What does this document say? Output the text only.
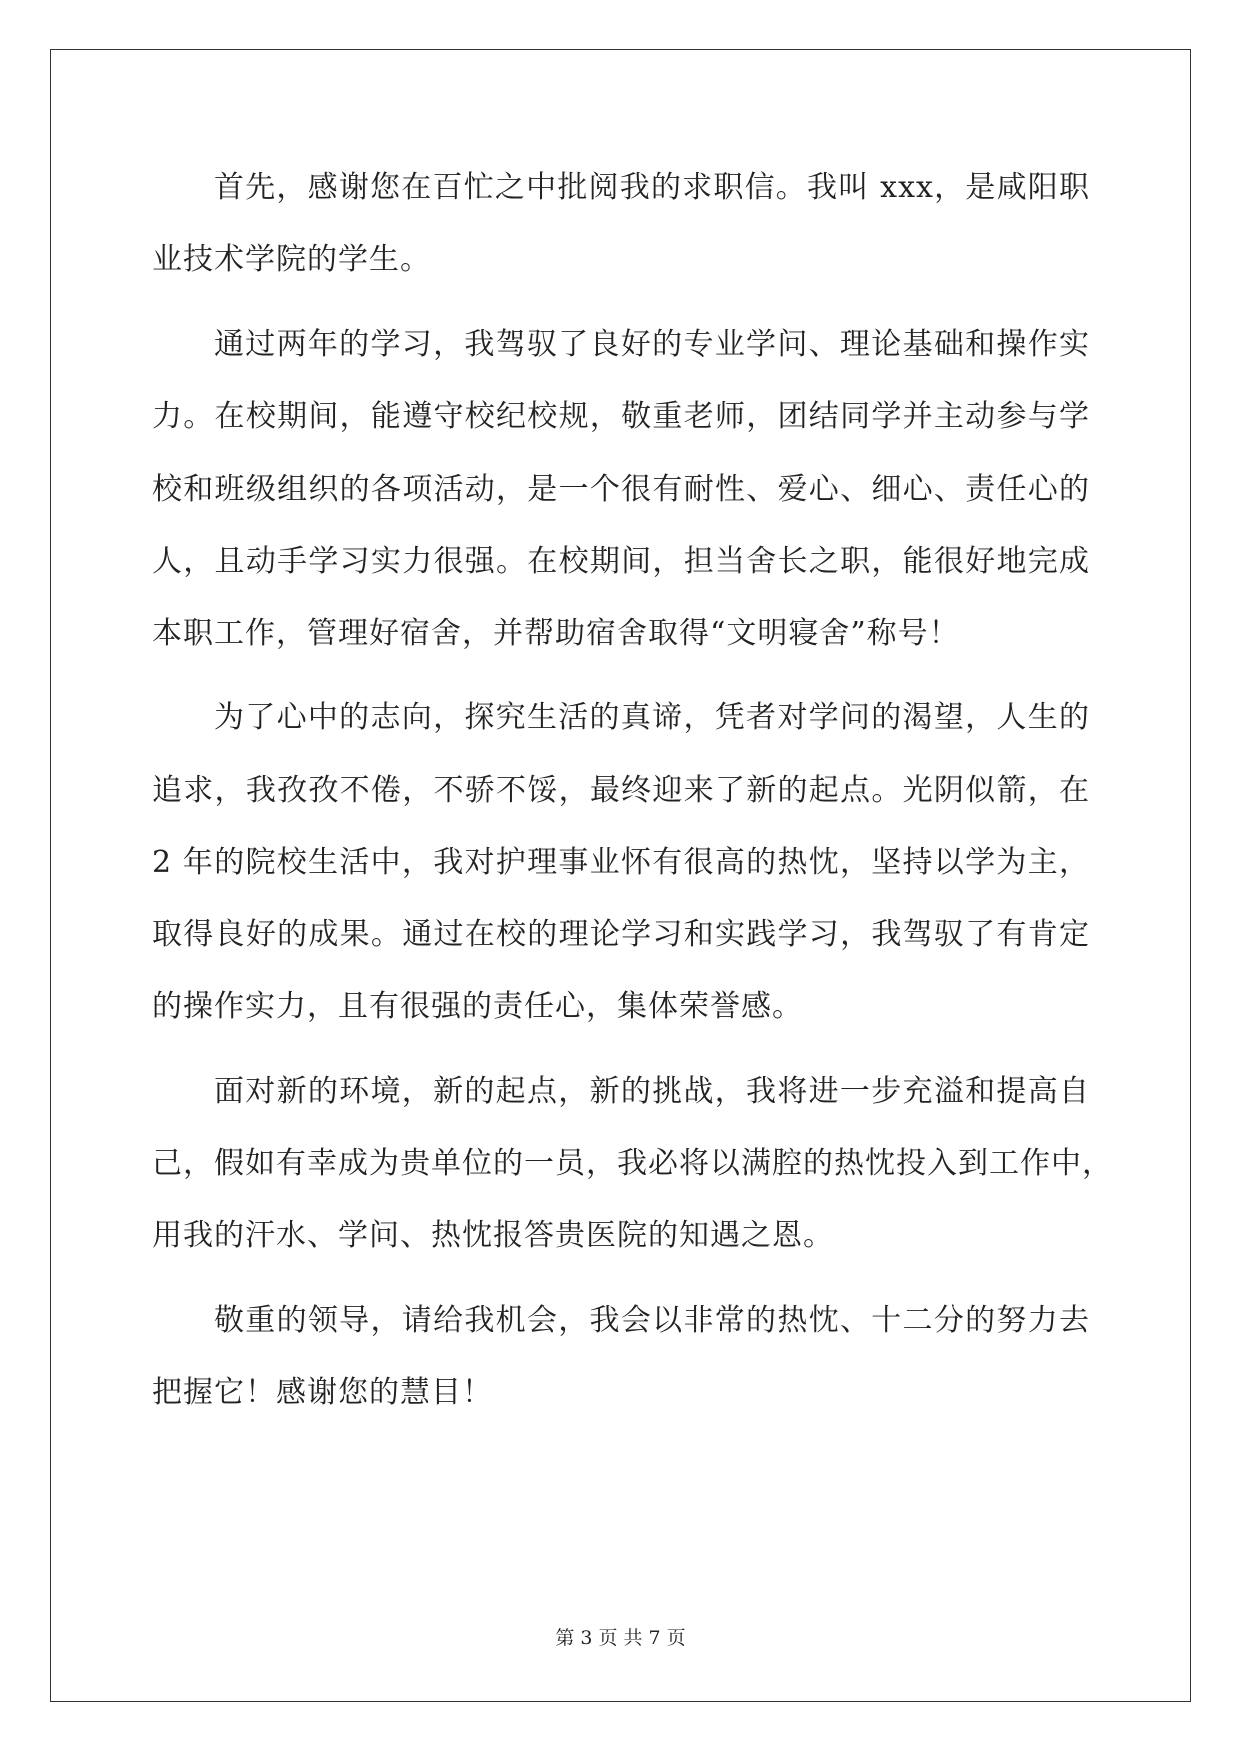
首先，感谢您在百忙之中批阅我的求职信。我叫 xxx，是咸阳职
业技术学院的学生。
通过两年的学习，我驾驭了良好的专业学问、理论基础和操作实
力。在校期间，能遵守校纪校规，敬重老师，团结同学并主动参与学
校和班级组织的各项活动，是一个很有耐性、爱心、细心、责任心的
人，且动手学习实力很强。在校期间，担当舍长之职，能很好地完成
本职工作，管理好宿舍，并帮助宿舍取得“文明寝舍”称号！
为了心中的志向，探究生活的真谛，凭者对学问的渴望，人生的
追求，我孜孜不倦，不骄不馁，最终迎来了新的起点。光阴似箭，在
2 年的院校生活中，我对护理事业怀有很高的热忱，坚持以学为主，
取得良好的成果。通过在校的理论学习和实践学习，我驾驭了有肯定
的操作实力，且有很强的责任心，集体荣誉感。
面对新的环境，新的起点，新的挑战，我将进一步充溢和提高自
己，假如有幸成为贵单位的一员，我必将以满腔的热忱投入到工作中，
用我的汗水、学问、热忱报答贵医院的知遇之恩。
敬重的领导，请给我机会，我会以非常的热忱、十二分的努力去
把握它！感谢您的慧目！
第 3 页 共 7 页
